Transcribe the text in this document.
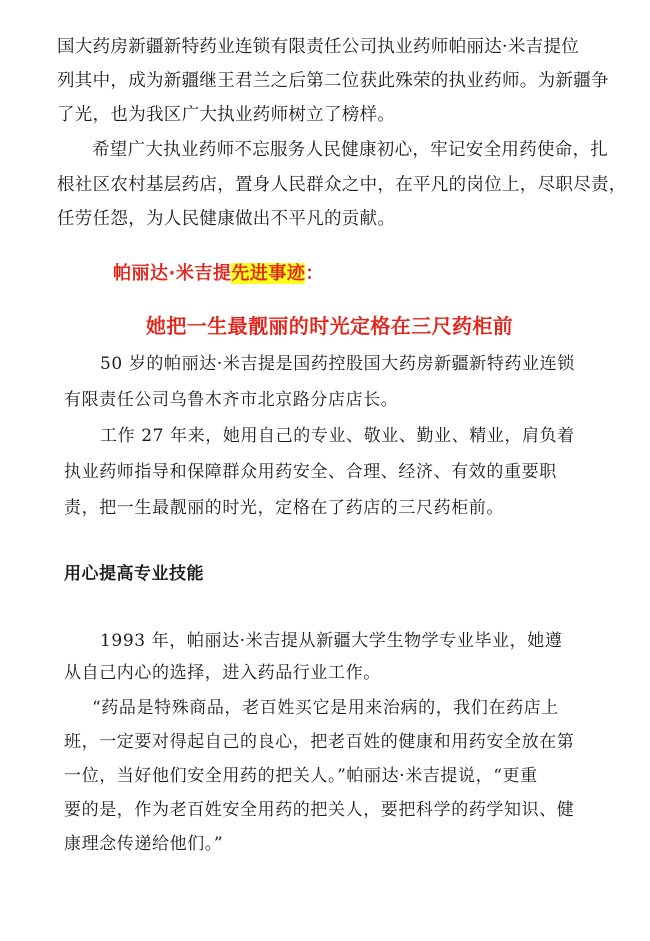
国大药房新疆新特药业连锁有限责任公司执业药师帕丽达·米吉提位
列其中，成为新疆继王君兰之后第二位获此殊荣的执业药师。为新疆争
了光，也为我区广大执业药师树立了榜样。
希望广大执业药师不忘服务人民健康初心，牢记安全用药使命，扎
根社区农村基层药店，置身人民群众之中，在平凡的岗位上，尽职尽责，
任劳任怨，为人民健康做出不平凡的贡献。
帕丽达·米吉提先进事迹：
她把一生最靓丽的时光定格在三尺药柜前
50 岁的帕丽达·米吉提是国药控股国大药房新疆新特药业连锁
有限责任公司乌鲁木齐市北京路分店店长。
工作 27 年来，她用自己的专业、敬业、勤业、精业，肩负着
执业药师指导和保障群众用药安全、合理、经济、有效的重要职
责，把一生最靓丽的时光，定格在了药店的三尺药柜前。
用心提高专业技能
1993 年，帕丽达·米吉提从新疆大学生物学专业毕业，她遵
从自己内心的选择，进入药品行业工作。
“药品是特殊商品，老百姓买它是用来治病的，我们在药店上
班，一定要对得起自己的良心，把老百姓的健康和用药安全放在第
一位，当好他们安全用药的把关人。”帕丽达·米吉提说，“更重
要的是，作为老百姓安全用药的把关人，要把科学的药学知识、健
康理念传递给他们。”
